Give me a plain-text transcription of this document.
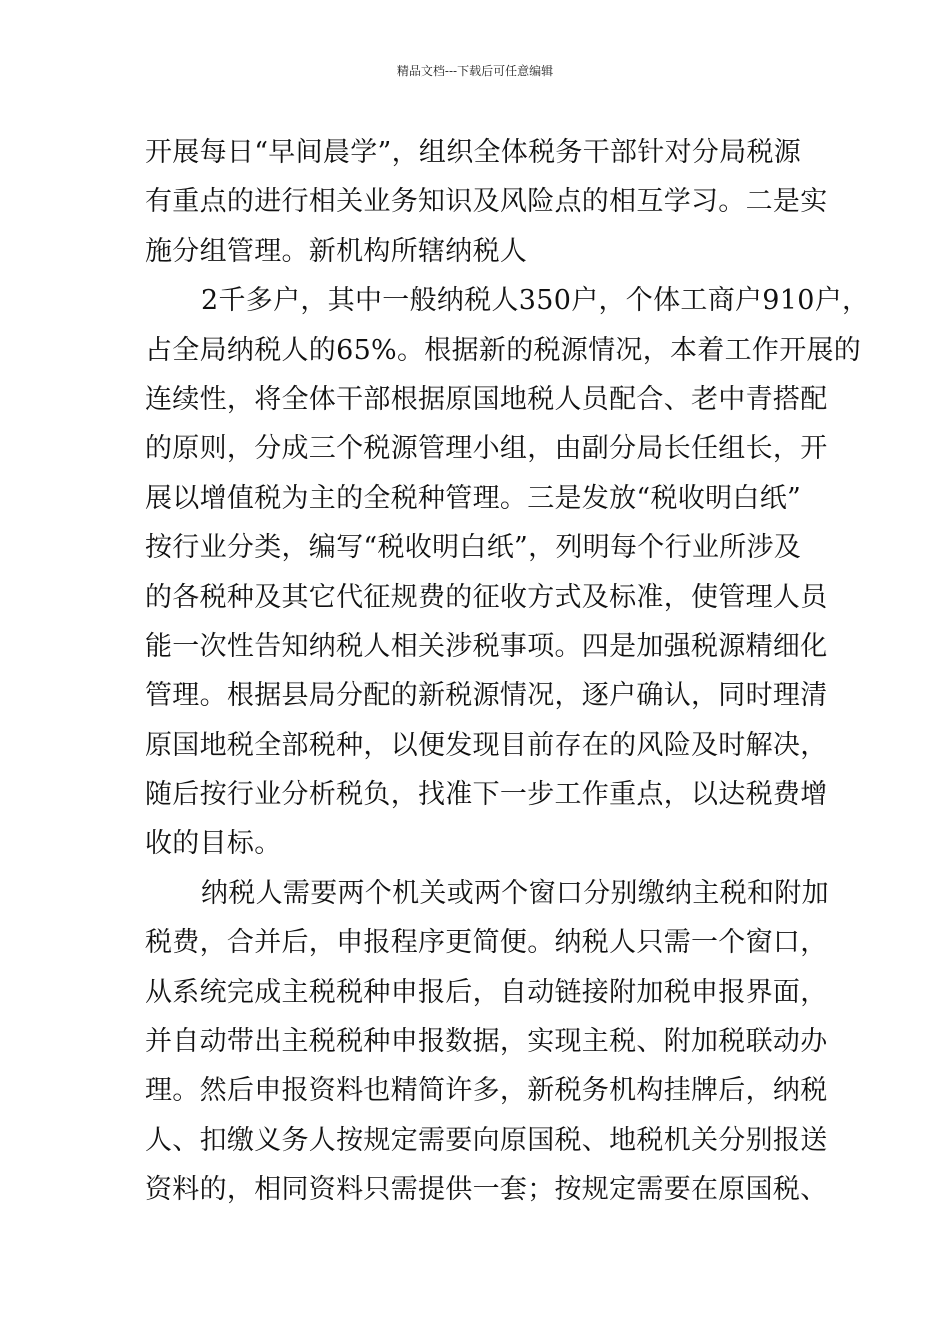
精品文档---下载后可任意编辑
开展每日“早间晨学”，组织全体税务干部针对分局税源
有重点的进行相关业务知识及风险点的相互学习。二是实
施分组管理。新机构所辖纳税人
2千多户，其中一般纳税人350户，个体工商户910户，
占全局纳税人的65%。根据新的税源情况，本着工作开展的
连续性，将全体干部根据原国地税人员配合、老中青搭配
的原则，分成三个税源管理小组，由副分局长任组长，开
展以增值税为主的全税种管理。三是发放“税收明白纸”
按行业分类，编写“税收明白纸”，列明每个行业所涉及
的各税种及其它代征规费的征收方式及标准，使管理人员
能一次性告知纳税人相关涉税事项。四是加强税源精细化
管理。根据县局分配的新税源情况，逐户确认，同时理清
原国地税全部税种，以便发现目前存在的风险及时解决，
随后按行业分析税负，找准下一步工作重点，以达税费增
收的目标。
纳税人需要两个机关或两个窗口分别缴纳主税和附加
税费，合并后，申报程序更简便。纳税人只需一个窗口，
从系统完成主税税种申报后，自动链接附加税申报界面，
并自动带出主税税种申报数据，实现主税、附加税联动办
理。然后申报资料也精简许多，新税务机构挂牌后，纳税
人、扣缴义务人按规定需要向原国税、地税机关分别报送
资料的，相同资料只需提供一套；按规定需要在原国税、
